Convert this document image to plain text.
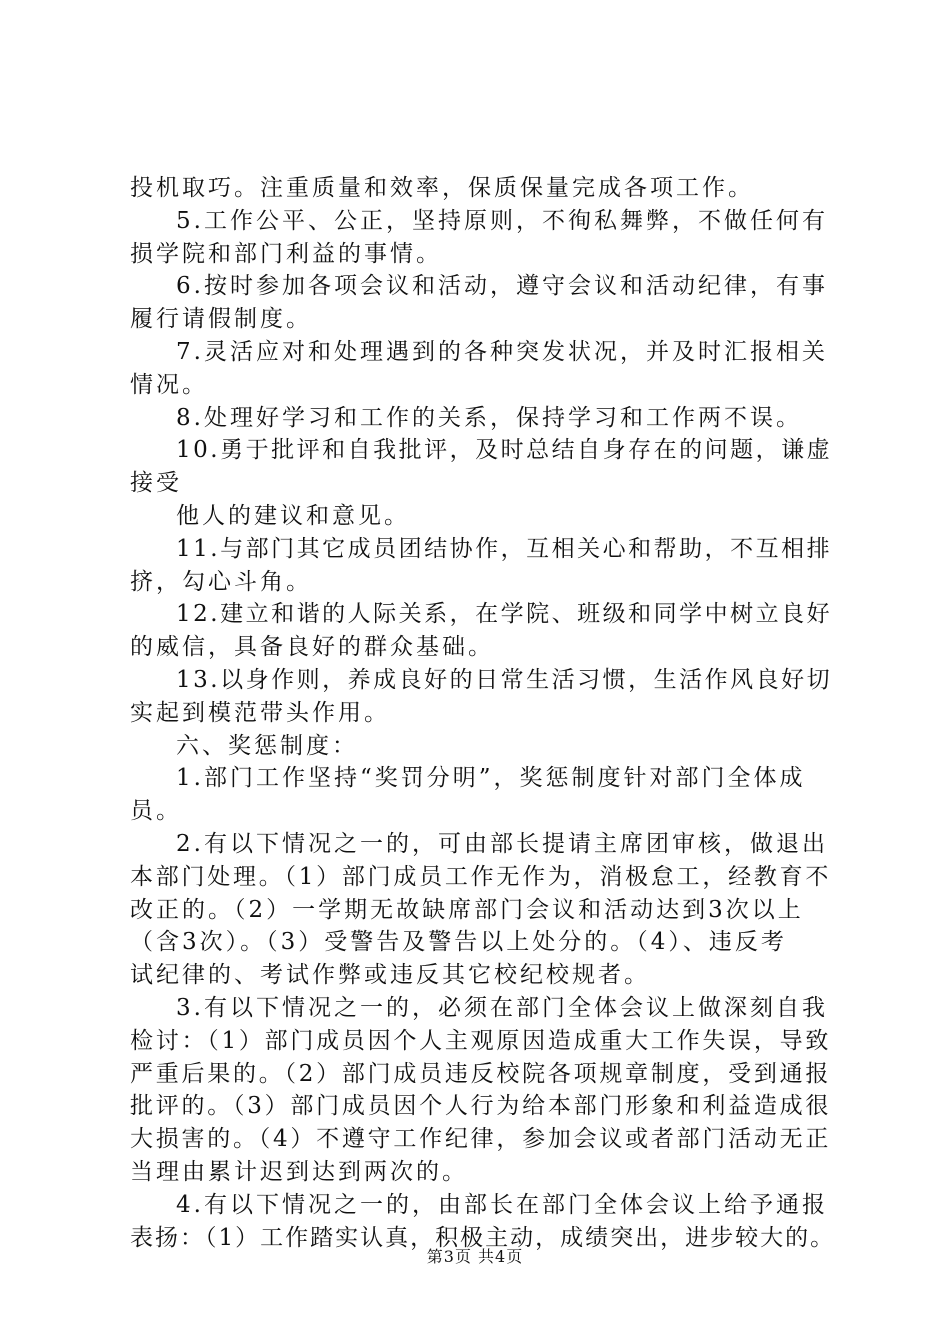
投机取巧。注重质量和效率，保质保量完成各项工作。
5.工作公平、公正，坚持原则，不徇私舞弊，不做任何有
损学院和部门利益的事情。
6.按时参加各项会议和活动，遵守会议和活动纪律，有事
履行请假制度。
7.灵活应对和处理遇到的各种突发状况，并及时汇报相关
情况。
8.处理好学习和工作的关系，保持学习和工作两不误。
10.勇于批评和自我批评，及时总结自身存在的问题，谦虚
接受
他人的建议和意见。
11.与部门其它成员团结协作，互相关心和帮助，不互相排
挤，勾心斗角。
12.建立和谐的人际关系，在学院、班级和同学中树立良好
的威信，具备良好的群众基础。
13.以身作则，养成良好的日常生活习惯，生活作风良好切
实起到模范带头作用。
六、奖惩制度：
1.部门工作坚持“奖罚分明”，奖惩制度针对部门全体成
员。
2.有以下情况之一的，可由部长提请主席团审核，做退出
本部门处理。（1）部门成员工作无作为，消极怠工，经教育不
改正的。（2）一学期无故缺席部门会议和活动达到3次以上
（含3次）。（3）受警告及警告以上处分的。（4）、违反考
试纪律的、考试作弊或违反其它校纪校规者。
3.有以下情况之一的，必须在部门全体会议上做深刻自我
检讨：（1）部门成员因个人主观原因造成重大工作失误，导致
严重后果的。（2）部门成员违反校院各项规章制度，受到通报
批评的。（3）部门成员因个人行为给本部门形象和利益造成很
大损害的。（4）不遵守工作纪律，参加会议或者部门活动无正
当理由累计迟到达到两次的。
4.有以下情况之一的，由部长在部门全体会议上给予通报
表扬：（1）工作踏实认真，积极主动，成绩突出，进步较大的。
第3页 共4页
